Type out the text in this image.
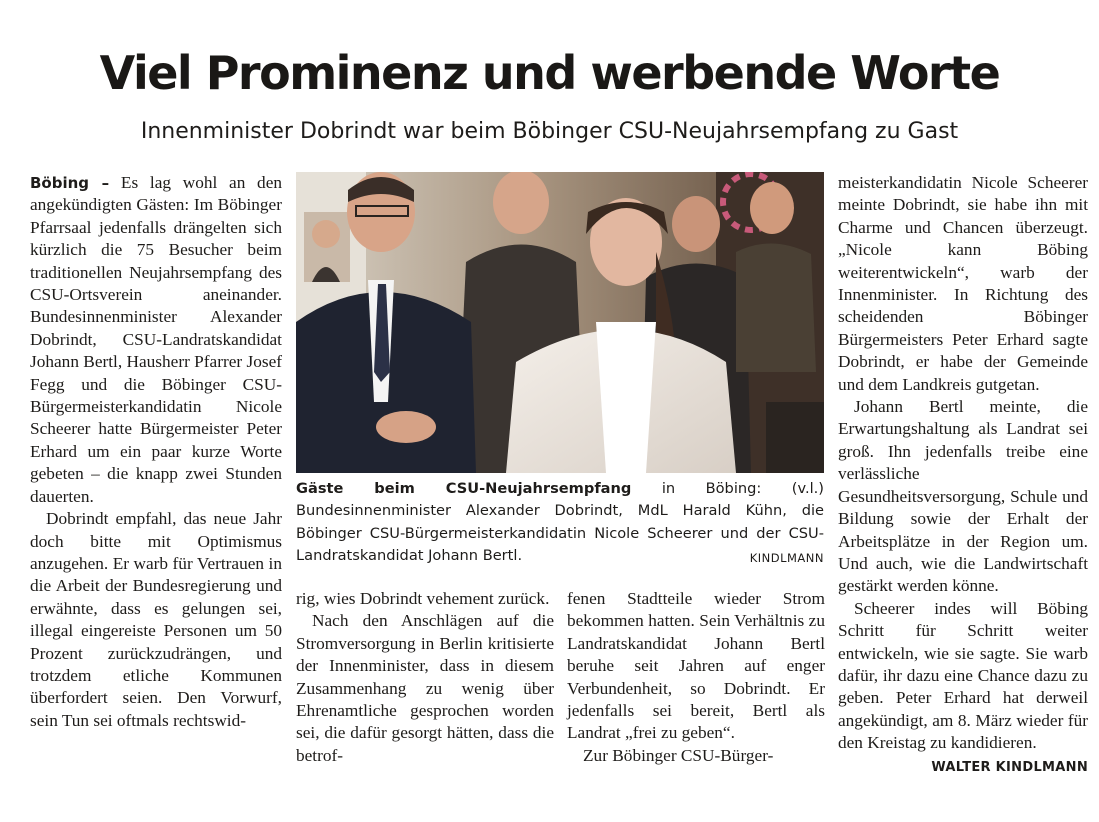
Viel Prominenz und werbende Worte
Innenminister Dobrindt war beim Böbinger CSU-Neujahrsempfang zu Gast

Böbing – Es lag wohl an den angekündigten Gästen: Im Böbinger Pfarrsaal jedenfalls drängelten sich kürzlich die 75 Besucher beim traditionellen Neujahrsempfang des CSU-Ortsverein aneinander. Bundesinnenminister Alexander Dobrindt, CSU-Landratskandidat Johann Bertl, Hausherr Pfarrer Josef Fegg und die Böbinger CSU-Bürgermeisterkandidatin Nicole Scheerer hatte Bürgermeister Peter Erhard um ein paar kurze Worte gebeten – die knapp zwei Stunden dauerten.

Dobrindt empfahl, das neue Jahr doch bitte mit Optimismus anzugehen. Er warb für Vertrauen in die Arbeit der Bundesregierung und erwähnte, dass es gelungen sei, illegal eingereiste Personen um 50 Prozent zurückzudrängen, und trotzdem etliche Kommunen überfordert seien. Den Vorwurf, sein Tun sei oftmals rechtswid-

Gäste beim CSU-Neujahrsempfang in Böbing: (v.l.) Bundesinnenminister Alexander Dobrindt, MdL Harald Kühn, die Böbinger CSU-Bürgermeisterkandidatin Nicole Scheerer und der CSU-Landratskandidat Johann Bertl.	KINDLMANN

rig, wies Dobrindt vehement zurück.

Nach den Anschlägen auf die Stromversorgung in Berlin kritisierte der Innenminister, dass in diesem Zusammenhang zu wenig über Ehrenamtliche gesprochen worden sei, die dafür gesorgt hätten, dass die betrof-

fenen Stadtteile wieder Strom bekommen hatten. Sein Verhältnis zu Landratskandidat Johann Bertl beruhe seit Jahren auf enger Verbundenheit, so Dobrindt. Er jedenfalls sei bereit, Bertl als Landrat „frei zu geben“.

Zur Böbinger CSU-Bürger-

meisterkandidatin Nicole Scheerer meinte Dobrindt, sie habe ihn mit Charme und Chancen überzeugt. „Nicole kann Böbing weiterentwickeln“, warb der Innenminister. In Richtung des scheidenden Böbinger Bürgermeisters Peter Erhard sagte Dobrindt, er habe der Gemeinde und dem Landkreis gutgetan.

Johann Bertl meinte, die Erwartungshaltung als Landrat sei groß. Ihn jedenfalls treibe eine verlässliche Gesundheitsversorgung, Schule und Bildung sowie der Erhalt der Arbeitsplätze in der Region um. Und auch, wie die Landwirtschaft gestärkt werden könne.

Scheerer indes will Böbing Schritt für Schritt weiter entwickeln, wie sie sagte. Sie warb dafür, ihr dazu eine Chance dazu zu geben. Peter Erhard hat derweil angekündigt, am 8. März wieder für den Kreistag zu kandidieren.
WALTER KINDLMANN
